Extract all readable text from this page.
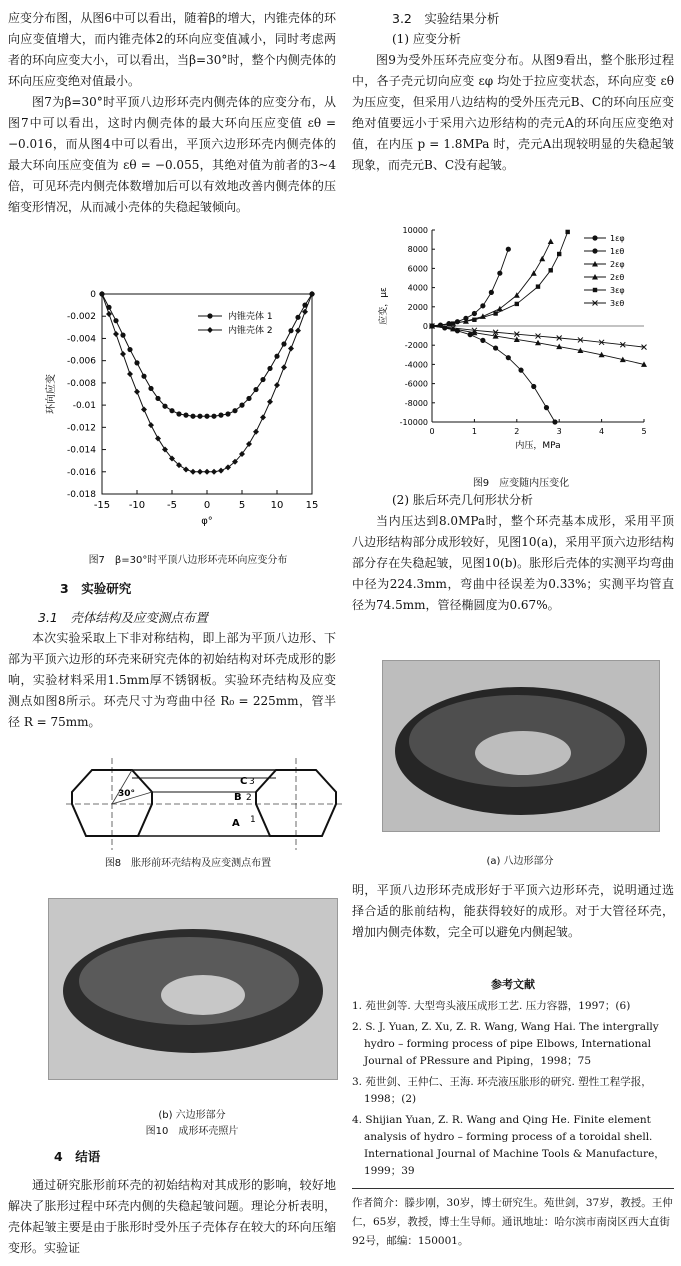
应变分布图，从图6中可以看出，随着β的增大，内锥壳体的环向应变值增大，而内锥壳体2的环向应变值减小，同时考虑两者的环向应变大小，可以看出，当β=30°时，整个内侧壳体的环向压应变绝对值最小。

图7为β=30°时平顶八边形环壳内侧壳体的应变分布，从图7中可以看出，这时内侧壳体的最大环向压应变值 εθ = −0.016，而从图4中可以看出，平顶六边形环壳内侧壳体的最大环向压应变值为 εθ = −0.055，其绝对值为前者的3~4倍，可见环壳内侧壳体数增加后可以有效地改善内侧壳体的压缩变形情况，从而减小壳体的失稳起皱倾向。

0
-0.002
-0.004
-0.006
-0.008
-0.01
-0.012
-0.014
-0.016
-0.018
-15 -10 -5	0	5	10 15
φ°
环向应变
内锥壳体 1
内锥壳体 2
图7　β=30°时平顶八边形环壳环向应变分布

3　实验研究

3.1　壳体结构及应变测点布置

本次实验采取上下非对称结构，即上部为平顶八边形、下部为平顶六边形的环壳来研究壳体的初始结构对环壳成形的影响，实验材料采用1.5mm厚不锈钢板。实验环壳结构及应变测点如图8所示。环壳尺寸为弯曲中径 R₀ = 225mm，管半径 R = 75mm。

30°
C 3
B 2
A 1
图8　胀形前环壳结构及应变测点布置
(b) 六边形部分
图10　成形环壳照片

4　结语

通过研究胀形前环壳的初始结构对其成形的影响，较好地解决了胀形过程中环壳内侧的失稳起皱问题。理论分析表明，壳体起皱主要是由于胀形时受外压子壳体存在较大的环向压缩变形。实验证

3.2　实验结果分析

(1) 应变分析

图9为受外压环壳应变分布。从图9看出，整个胀形过程中，各子壳元切向应变 εφ 均处于拉应变状态，环向应变 εθ 为压应变，但采用八边结构的受外压壳元B、C的环向压应变绝对值要远小于采用六边形结构的壳元A的环向压应变绝对值，在内压 p = 1.8MPa 时，壳元A出现较明显的失稳起皱现象，而壳元B、C没有起皱。

10000
8000
6000
4000
2000
0
-2000
-4000
-6000
-8000
-10000
0	1	2	3	4	5
内压，MPa
应变，με
1εφ
1εθ
2εφ
2εθ
3εφ
3εθ
图9　应变随内压变化

(2) 胀后环壳几何形状分析

当内压达到8.0MPa时，整个环壳基本成形，采用平顶八边形结构部分成形较好，见图10(a)，采用平顶六边形结构部分存在失稳起皱，见图10(b)。胀形后壳体的实测平均弯曲中径为224.3mm，弯曲中径误差为0.33%；实测平均管直径为74.5mm，管径椭圆度为0.67%。

(a) 八边形部分

明，平顶八边形环壳成形好于平顶六边形环壳，说明通过选择合适的胀前结构，能获得较好的成形。对于大管径环壳，增加内侧壳体数，完全可以避免内侧起皱。

参考文献
1. 苑世剑等. 大型弯头液压成形工艺. 压力容器，1997；(6)
2. S. J. Yuan, Z. Xu, Z. R. Wang, Wang Hai. The intergrally hydro – forming process of pipe Elbows, International Journal of PRessure and Piping，1998；75
3. 苑世剑、王仲仁、王海. 环壳液压胀形的研究. 塑性工程学报，1998；(2)
4. Shijian Yuan, Z. R. Wang and Qing He. Finite element analysis of hydro – forming process of a toroidal shell. International Journal of Machine Tools & Manufacture，1999；39
作者简介：滕步刚，30岁，博士研究生。苑世剑，37岁，教授。王仲仁，65岁，教授，博士生导师。通讯地址：哈尔滨市南岗区西大直街92号，邮编：150001。
